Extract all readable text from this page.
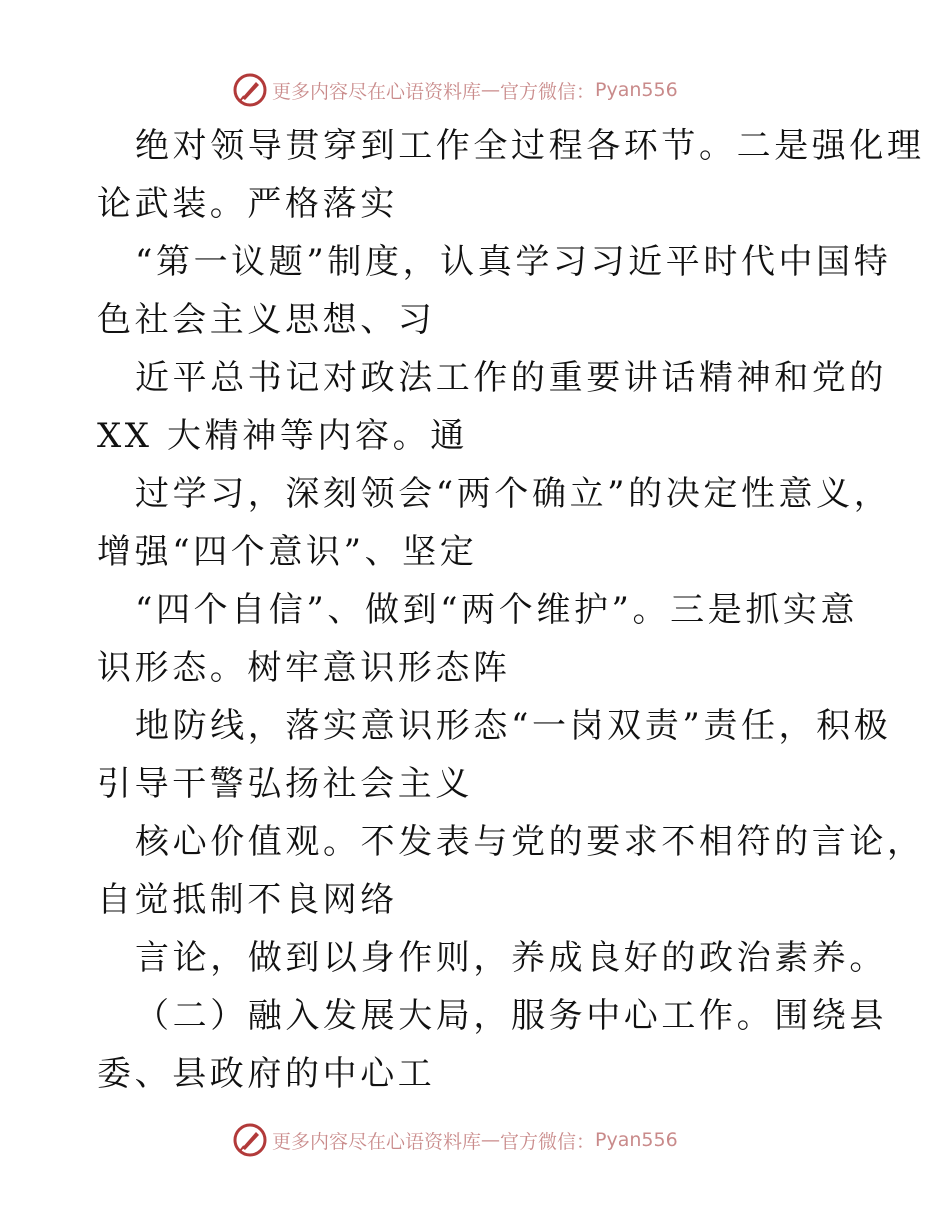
更多内容尽在心语资料库 — 官方微信： Pyan556
绝对领导贯穿到工作全过程各环节。二是强化理
论武装。严格落实
“第一议题”制度，认真学习习近平时代中国特
色社会主义思想、习
近平总书记对政法工作的重要讲话精神和党的
XX 大精神等内容。通
过学习，深刻领会“两个确立”的决定性意义，
增强“四个意识”、坚定
“四个自信”、做到“两个维护”。三是抓实意
识形态。树牢意识形态阵
地防线，落实意识形态“一岗双责”责任，积极
引导干警弘扬社会主义
核心价值观。不发表与党的要求不相符的言论，
自觉抵制不良网络
言论，做到以身作则，养成良好的政治素养。
（二）融入发展大局，服务中心工作。围绕县
委、县政府的中心工
更多内容尽在心语资料库 — 官方微信： Pyan556
